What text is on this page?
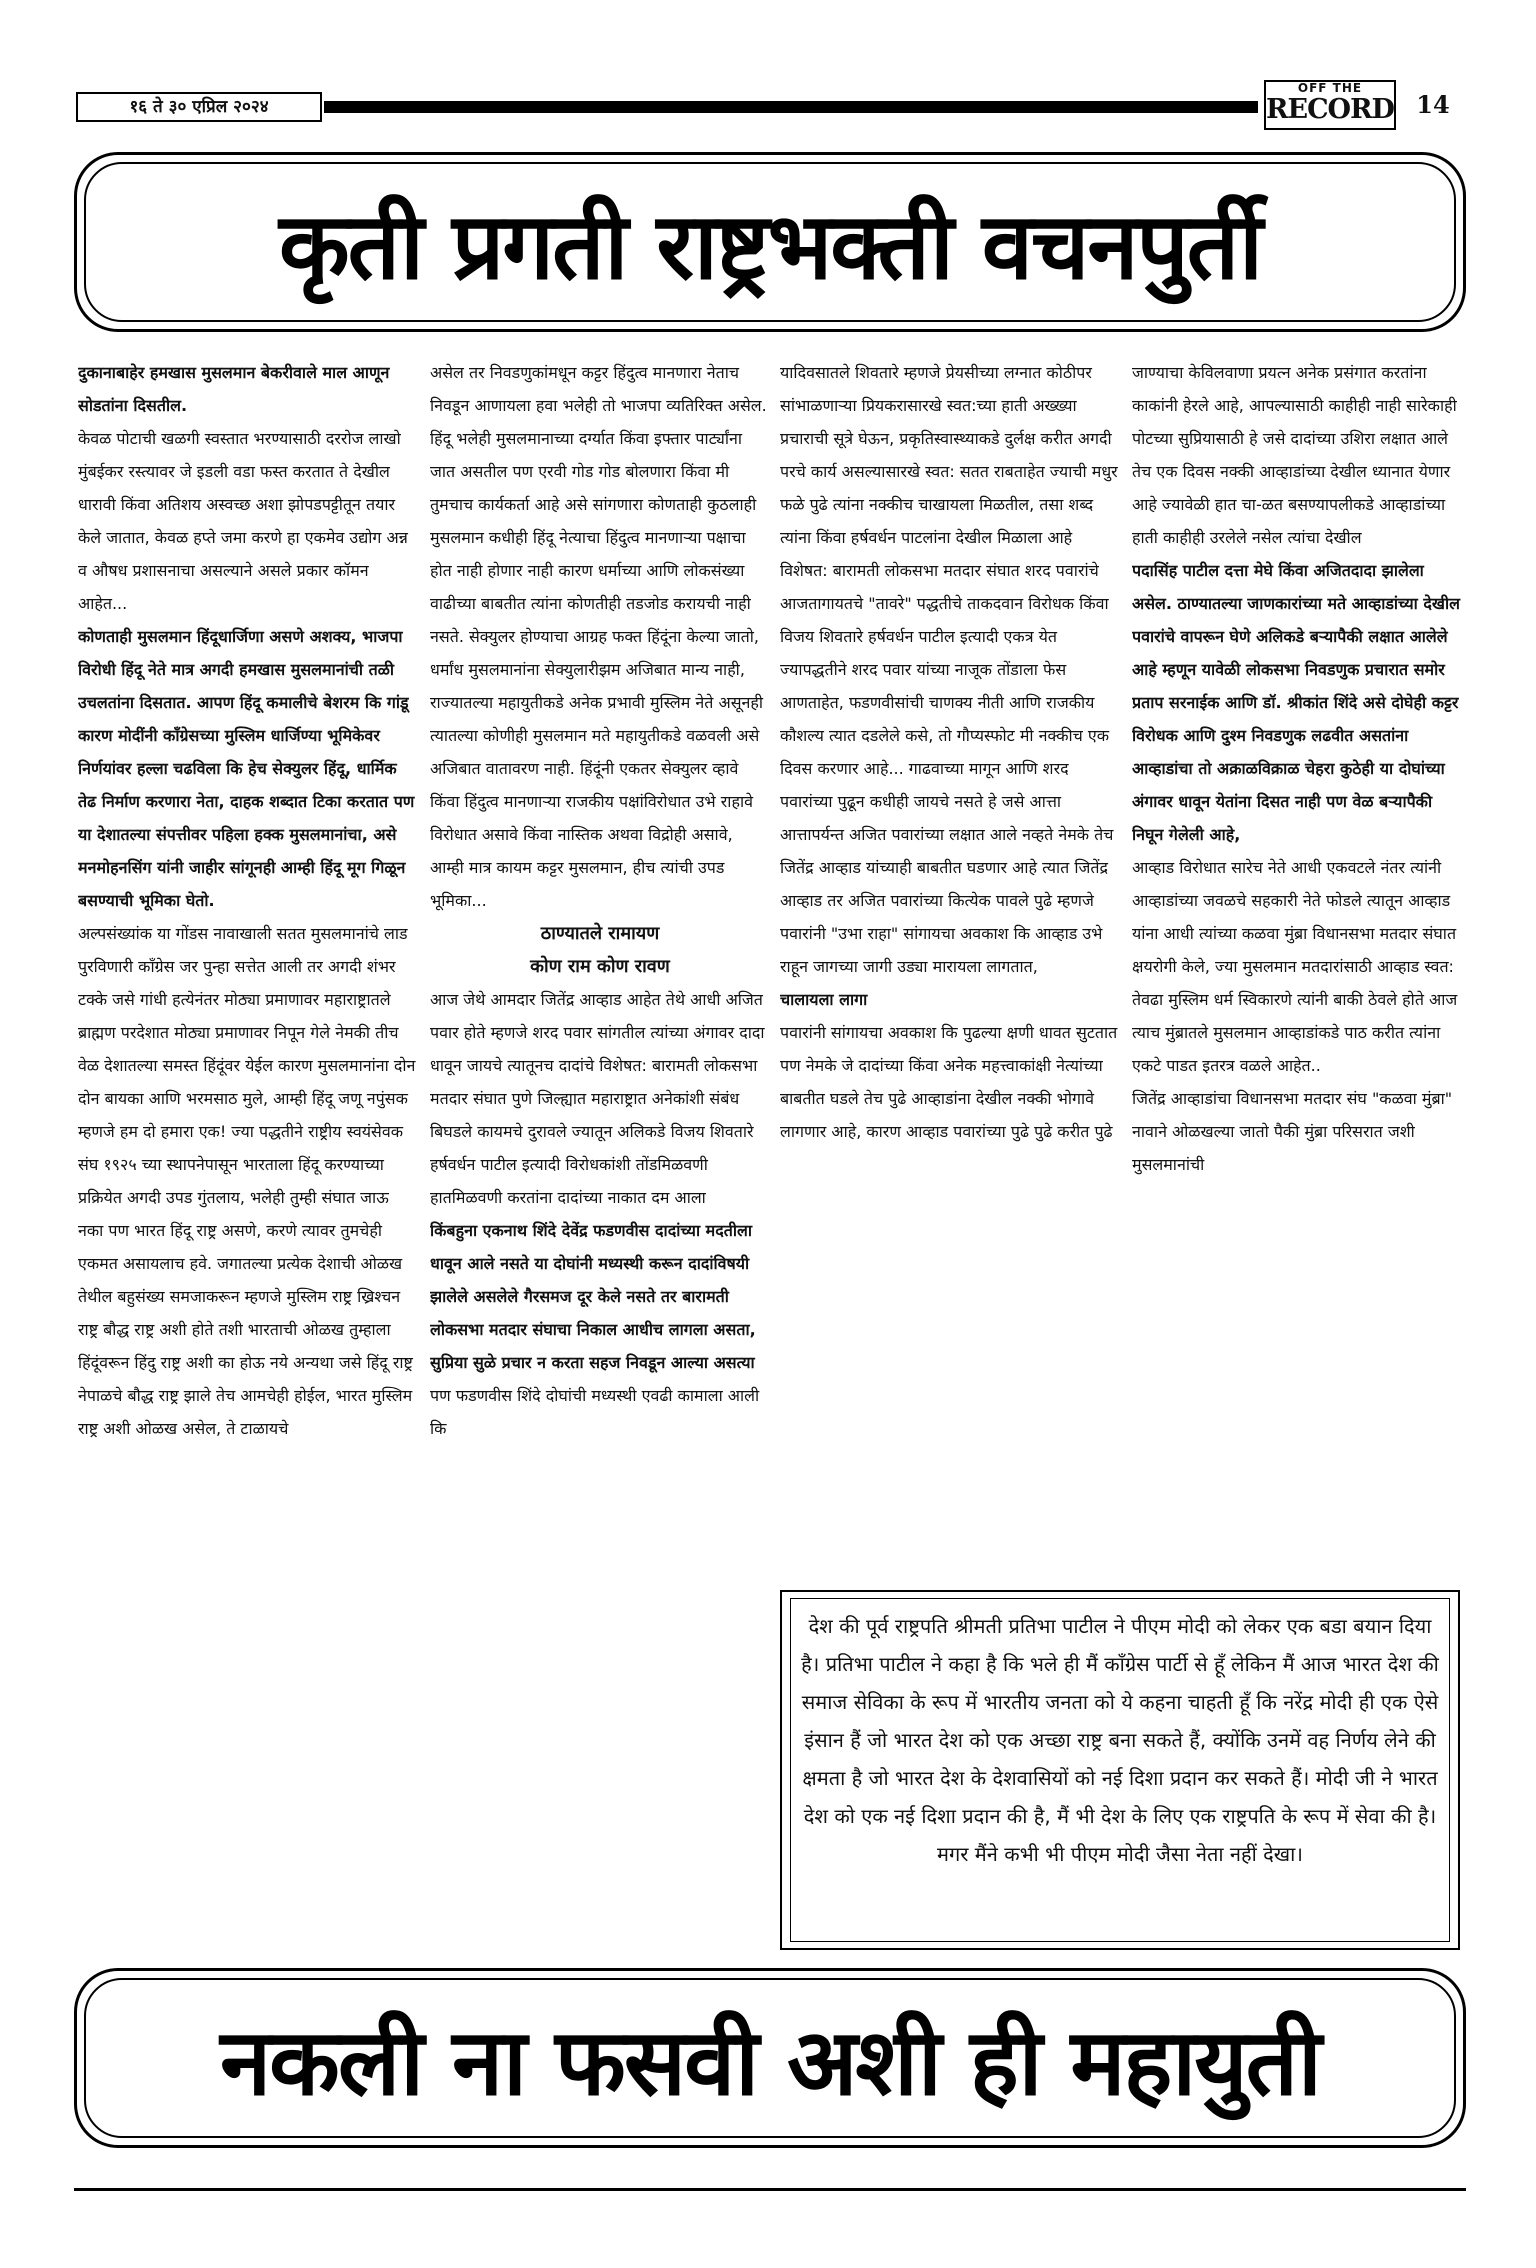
१६ ते ३० एप्रिल २०२४
OFF THE
RECORD 14
कृती प्रगती राष्ट्रभक्ती वचनपुर्ती

दुकानाबाहेर हमखास मुसलमान बेकरीवाले माल आणून सोडतांना दिसतील.

केवळ पोटाची खळगी स्वस्तात भरण्यासाठी दररोज लाखो मुंबईकर रस्त्यावर जे इडली वडा फस्त करतात ते देखील धारावी किंवा अतिशय अस्वच्छ अशा झोपडपट्टीतून तयार केले जातात, केवळ हप्ते जमा करणे हा एकमेव उद्योग अन्न व औषध प्रशासनाचा असल्याने असले प्रकार कॉमन आहेत...

कोणताही मुसलमान हिंदूधार्जिणा असणे अशक्य, भाजपा विरोधी हिंदू नेते मात्र अगदी हमखास मुसलमानांची तळी उचलतांना दिसतात. आपण हिंदू कमालीचे बेशरम कि गांडू कारण मोदींनी काँग्रेसच्या मुस्लिम धार्जिण्या भूमिकेवर निर्णयांवर हल्ला चढविला कि हेच सेक्युलर हिंदू, धार्मिक तेढ निर्माण करणारा नेता, दाहक शब्दात टिका करतात पण या देशातल्या संपत्तीवर पहिला हक्क मुसलमानांचा, असे मनमोहनसिंग यांनी जाहीर सांगूनही आम्ही हिंदू मूग गिळून बसण्याची भूमिका घेतो.

अल्पसंख्यांक या गोंडस नावाखाली सतत मुसलमानांचे लाड पुरविणारी काँग्रेस जर पुन्हा सत्तेत आली तर अगदी शंभर टक्के जसे गांधी हत्येनंतर मोठ्या प्रमाणावर महाराष्ट्रातले ब्राह्मण परदेशात मोठ्या प्रमाणावर निपून गेले नेमकी तीच वेळ देशातल्या समस्त हिंदूंवर येईल कारण मुसलमानांना दोन दोन बायका आणि भरमसाठ मुले, आम्ही हिंदू जणू नपुंसक म्हणजे हम दो हमारा एक! ज्या पद्धतीने राष्ट्रीय स्वयंसेवक संघ १९२५ च्या स्थापनेपासून भारताला हिंदू करण्याच्या प्रक्रियेत अगदी उपड गुंतलाय, भलेही तुम्ही संघात जाऊ नका पण भारत हिंदू राष्ट्र असणे, करणे त्यावर तुमचेही एकमत असायलाच हवे. जगातल्या प्रत्येक देशाची ओळख तेथील बहुसंख्य समजाकरून म्हणजे मुस्लिम राष्ट्र ख्रिश्चन राष्ट्र बौद्ध राष्ट्र अशी होते तशी भारताची ओळख तुम्हाला हिंदूंवरून हिंदु राष्ट्र अशी का होऊ नये अन्यथा जसे हिंदू राष्ट्र नेपाळचे बौद्ध राष्ट्र झाले तेच आमचेही होईल, भारत मुस्लिम राष्ट्र अशी ओळख असेल, ते टाळायचे

असेल तर निवडणुकांमधून कट्टर हिंदुत्व मानणारा नेताच निवडून आणायला हवा भलेही तो भाजपा व्यतिरिक्त असेल. हिंदू भलेही मुसलमानाच्या दर्ग्यात किंवा इफ्तार पार्ट्यांना जात असतील पण एरवी गोड गोड बोलणारा किंवा मी तुमचाच कार्यकर्ता आहे असे सांगणारा कोणताही कुठलाही मुसलमान कधीही हिंदू नेत्याचा हिंदुत्व मानणाऱ्या पक्षाचा होत नाही होणार नाही कारण धर्माच्या आणि लोकसंख्या वाढीच्या बाबतीत त्यांना कोणतीही तडजोड करायची नाही नसते. सेक्युलर होण्याचा आग्रह फक्त हिंदूंना केल्या जातो, धर्मांध मुसलमानांना सेक्युलारीझम अजिबात मान्य नाही, राज्यातल्या महायुतीकडे अनेक प्रभावी मुस्लिम नेते असूनही त्यातल्या कोणीही मुसलमान मते महायुतीकडे वळवली असे अजिबात वातावरण नाही. हिंदूंनी एकतर सेक्युलर व्हावे किंवा हिंदुत्व मानणाऱ्या राजकीय पक्षांविरोधात उभे राहावे विरोधात असावे किंवा नास्तिक अथवा विद्रोही असावे, आम्ही मात्र कायम कट्टर मुसलमान, हीच त्यांची उपड भूमिका...

ठाण्यातले रामायण

कोण राम कोण रावण

आज जेथे आमदार जितेंद्र आव्हाड आहेत तेथे आधी अजित पवार होते म्हणजे शरद पवार सांगतील त्यांच्या अंगावर दादा धावून जायचे त्यातूनच दादांचे विशेषत: बारामती लोकसभा मतदार संघात पुणे जिल्ह्यात महाराष्ट्रात अनेकांशी संबंध बिघडले कायमचे दुरावले ज्यातून अलिकडे विजय शिवतारे हर्षवर्धन पाटील इत्यादी विरोधकांशी तोंडमिळवणी हातमिळवणी करतांना दादांच्या नाकात दम आला

किंबहुना एकनाथ शिंदे देवेंद्र फडणवीस दादांच्या मदतीला धावून आले नसते या दोघांनी मध्यस्थी करून दादांविषयी झालेले असलेले गैरसमज दूर केले नसते तर बारामती लोकसभा मतदार संघाचा निकाल आधीच लागला असता, सुप्रिया सुळे प्रचार न करता सहज निवडून आल्या असत्या

पण फडणवीस शिंदे दोघांची मध्यस्थी एवढी कामाला आली कि

यादिवसातले शिवतारे म्हणजे प्रेयसीच्या लग्नात कोठीपर सांभाळणाऱ्या प्रियकरासारखे स्वत:च्या हाती अख्ख्या प्रचाराची सूत्रे घेऊन, प्रकृतिस्वास्थ्याकडे दुर्लक्ष करीत अगदी परचे कार्य असल्यासारखे स्वत: सतत राबताहेत ज्याची मधुर फळे पुढे त्यांना नक्कीच चाखायला मिळतील, तसा शब्द त्यांना किंवा हर्षवर्धन पाटलांना देखील मिळाला आहे विशेषत: बारामती लोकसभा मतदार संघात शरद पवारांचे आजतागायतचे "तावरे" पद्धतीचे ताकदवान विरोधक किंवा विजय शिवतारे हर्षवर्धन पाटील इत्यादी एकत्र येत ज्यापद्धतीने शरद पवार यांच्या नाजूक तोंडाला फेस आणताहेत, फडणवीसांची चाणक्य नीती आणि राजकीय कौशल्य त्यात दडलेले कसे, तो गौप्यस्फोट मी नक्कीच एक दिवस करणार आहे... गाढवाच्या मागून आणि शरद पवारांच्या पुढून कधीही जायचे नसते हे जसे आत्ता आत्तापर्यन्त अजित पवारांच्या लक्षात आले नव्हते नेमके तेच जितेंद्र आव्हाड यांच्याही बाबतीत घडणार आहे त्यात जितेंद्र आव्हाड तर अजित पवारांच्या कित्येक पावले पुढे म्हणजे पवारांनी "उभा राहा" सांगायचा अवकाश कि आव्हाड उभे राहून जागच्या जागी उड्या मारायला लागतात,

चालायला लागा

पवारांनी सांगायचा अवकाश कि पुढल्या क्षणी धावत सुटतात पण नेमके जे दादांच्या किंवा अनेक महत्त्वाकांक्षी नेत्यांच्या बाबतीत घडले तेच पुढे आव्हाडांना देखील नक्की भोगावे लागणार आहे, कारण आव्हाड पवारांच्या पुढे पुढे करीत पुढे

जाण्याचा केविलवाणा प्रयत्न अनेक प्रसंगात करतांना काकांनी हेरले आहे, आपल्यासाठी काहीही नाही सारेकाही पोटच्या सुप्रियासाठी हे जसे दादांच्या उशिरा लक्षात आले तेच एक दिवस नक्की आव्हाडांच्या देखील ध्यानात येणार आहे ज्यावेळी हात चा-ळत बसण्यापलीकडे आव्हाडांच्या हाती काहीही उरलेले नसेल त्यांचा देखील

पदासिंह पाटील दत्ता मेघे किंवा अजितदादा झालेला असेल. ठाण्यातल्या जाणकारांच्या मते आव्हाडांच्या देखील पवारांचे वापरून घेणे अलिकडे बऱ्यापैकी लक्षात आलेले आहे म्हणून यावेळी लोकसभा निवडणुक प्रचारात समोर प्रताप सरनाईक आणि डॉ. श्रीकांत शिंदे असे दोघेही कट्टर विरोधक आणि दुश्म निवडणुक लढवीत असतांना आव्हाडांचा तो अक्राळविक्राळ चेहरा कुठेही या दोघांच्या अंगावर धावून येतांना दिसत नाही पण वेळ बऱ्यापैकी निघून गेलेली आहे,

आव्हाड विरोधात सारेच नेते आधी एकवटले नंतर त्यांनी आव्हाडांच्या जवळचे सहकारी नेते फोडले त्यातून आव्हाड यांना आधी त्यांच्या कळवा मुंब्रा विधानसभा मतदार संघात क्षयरोगी केले, ज्या मुसलमान मतदारांसाठी आव्हाड स्वत: तेवढा मुस्लिम धर्म स्विकारणे त्यांनी बाकी ठेवले होते आज त्याच मुंब्रातले मुसलमान आव्हाडांकडे पाठ करीत त्यांना एकटे पाडत इतरत्र वळले आहेत..

जितेंद्र आव्हाडांचा विधानसभा मतदार संघ "कळवा मुंब्रा" नावाने ओळखल्या जातो पैकी मुंब्रा परिसरात जशी मुसलमानांची

देश की पूर्व राष्ट्रपति श्रीमती प्रतिभा पाटील ने पीएम मोदी को लेकर एक बडा बयान दिया है। प्रतिभा पाटील ने कहा है कि भले ही मैं कॉंग्रेस पार्टी से हूँ लेकिन मैं आज भारत देश की समाज सेविका के रूप में भारतीय जनता को ये कहना चाहती हूँ कि नरेंद्र मोदी ही एक ऐसे इंसान हैं जो भारत देश को एक अच्छा राष्ट्र बना सकते हैं, क्योंकि उनमें वह निर्णय लेने की क्षमता है जो भारत देश के देशवासियों को नई दिशा प्रदान कर सकते हैं। मोदी जी ने भारत देश को एक नई दिशा प्रदान की है, मैं भी देश के लिए एक राष्ट्रपति के रूप में सेवा की है। मगर मैंने कभी भी पीएम मोदी जैसा नेता नहीं देखा।
नकली ना फसवी अशी ही महायुती
